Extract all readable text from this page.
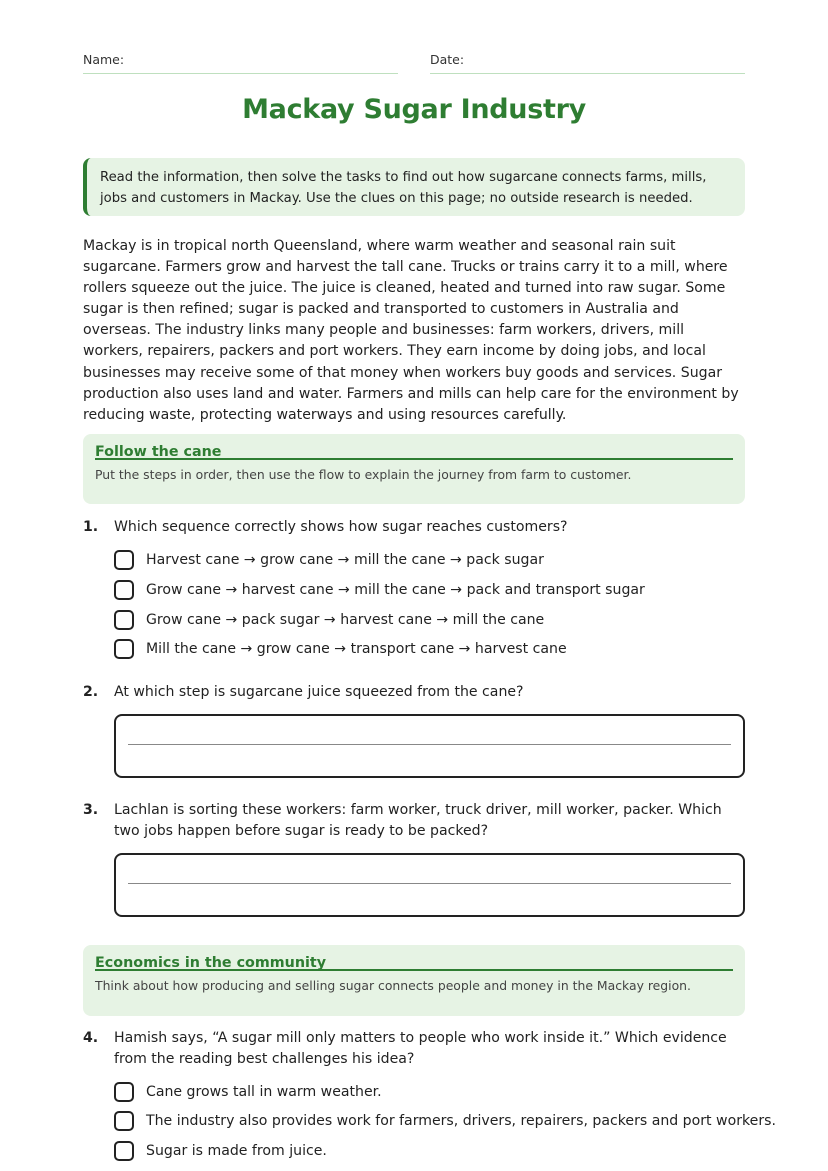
Name:	Date:
Mackay Sugar Industry
Read the information, then solve the tasks to find out how sugarcane connects farms, mills, jobs and customers in Mackay. Use the clues on this page; no outside research is needed.
Mackay is in tropical north Queensland, where warm weather and seasonal rain suit sugarcane. Farmers grow and harvest the tall cane. Trucks or trains carry it to a mill, where rollers squeeze out the juice. The juice is cleaned, heated and turned into raw sugar. Some sugar is then refined; sugar is packed and transported to customers in Australia and overseas. The industry links many people and businesses: farm workers, drivers, mill workers, repairers, packers and port workers. They earn income by doing jobs, and local businesses may receive some of that money when workers buy goods and services. Sugar production also uses land and water. Farmers and mills can help care for the environment by reducing waste, protecting waterways and using resources carefully.
Follow the cane
Put the steps in order, then use the flow to explain the journey from farm to customer.
1. Which sequence correctly shows how sugar reaches customers?
Harvest cane → grow cane → mill the cane → pack sugar
Grow cane → harvest cane → mill the cane → pack and transport sugar
Grow cane → pack sugar → harvest cane → mill the cane
Mill the cane → grow cane → transport cane → harvest cane
2. At which step is sugarcane juice squeezed from the cane?
3. Lachlan is sorting these workers: farm worker, truck driver, mill worker, packer. Which two jobs happen before sugar is ready to be packed?
Economics in the community
Think about how producing and selling sugar connects people and money in the Mackay region.
4. Hamish says, “A sugar mill only matters to people who work inside it.” Which evidence from the reading best challenges his idea?
Cane grows tall in warm weather.
The industry also provides work for farmers, drivers, repairers, packers and port workers.
Sugar is made from juice.
